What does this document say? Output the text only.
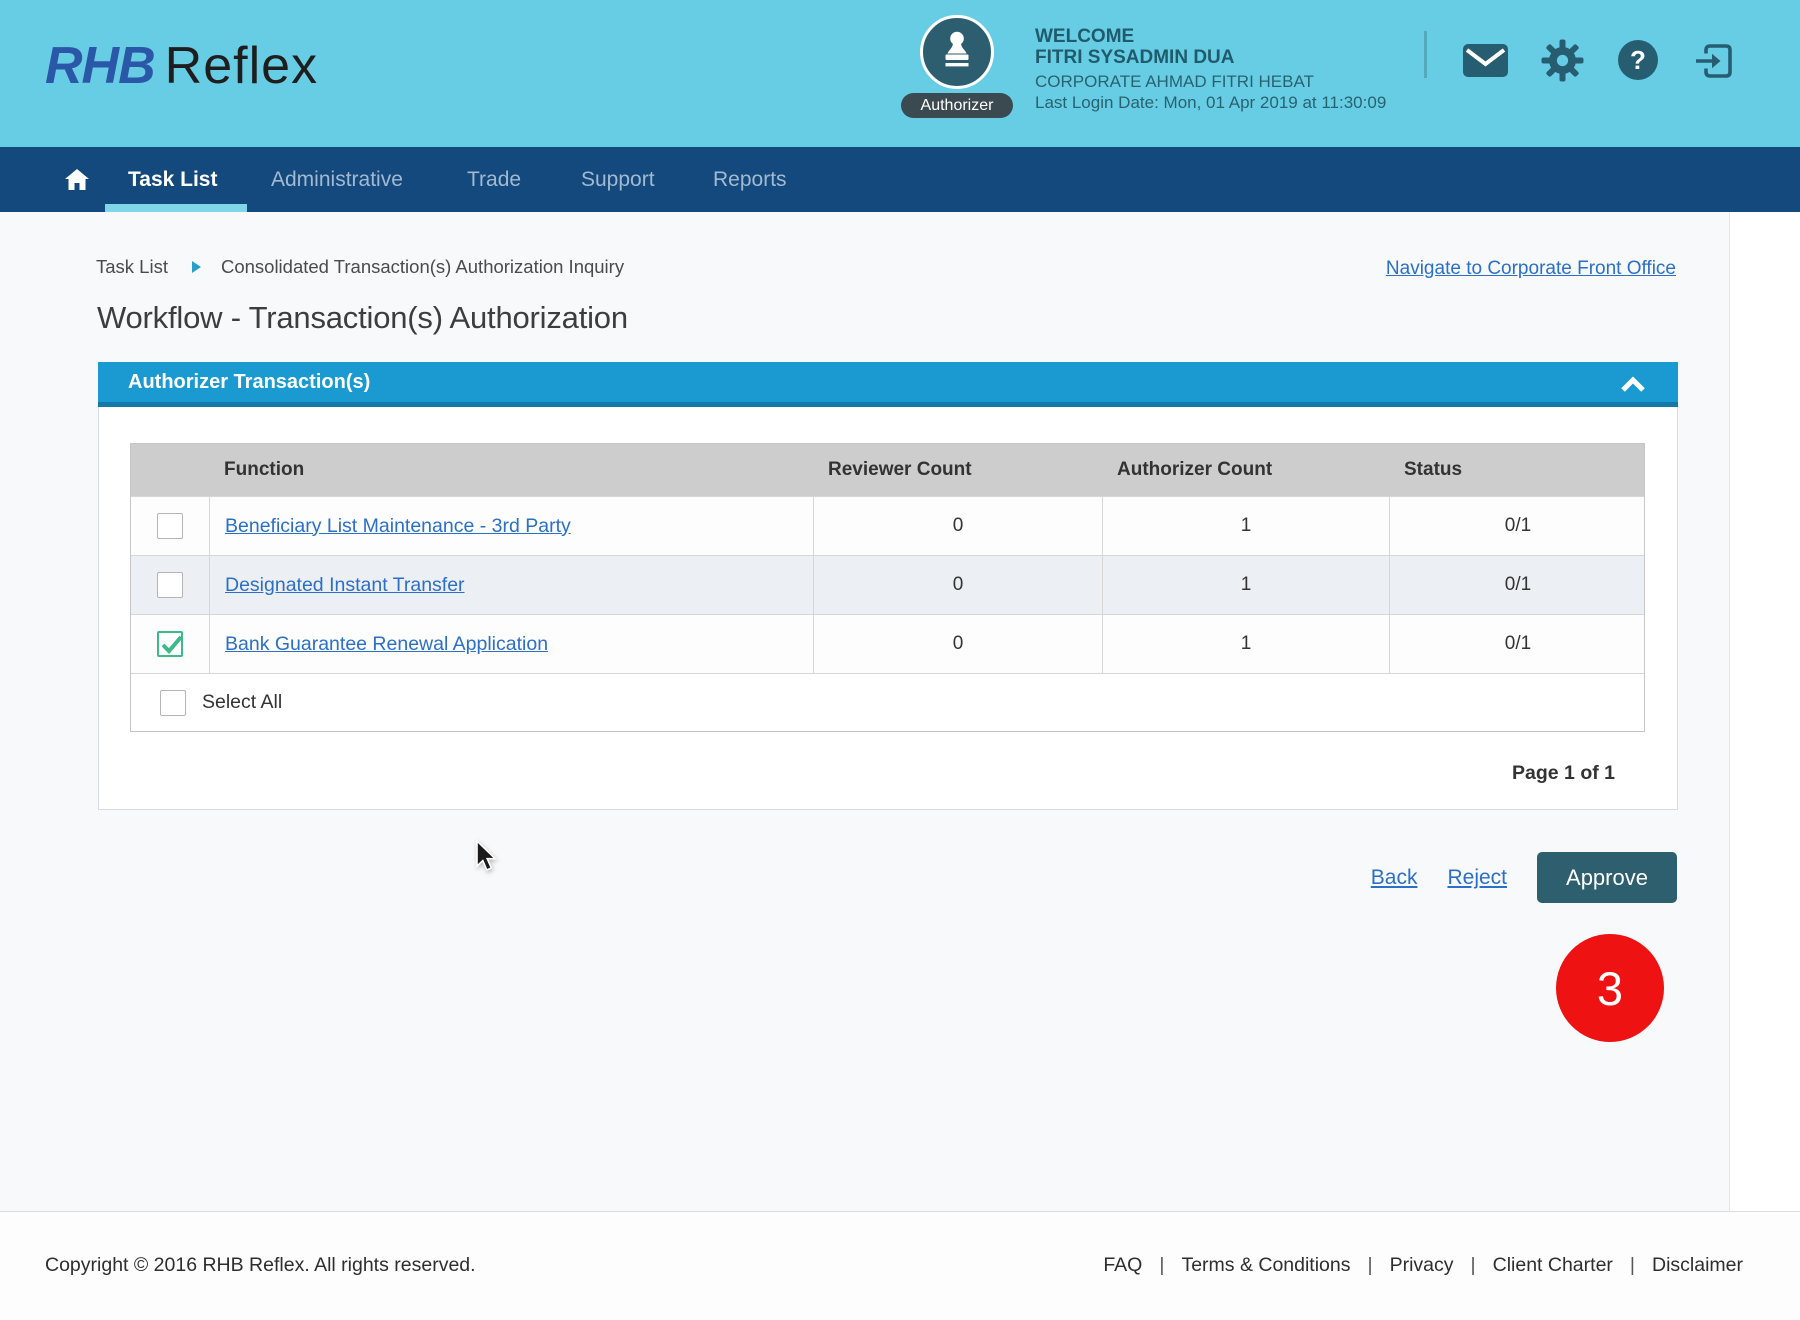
RHB Reflex
Authorizer
WELCOME
FITRI SYSADMIN DUA
CORPORATE AHMAD FITRI HEBAT
Last Login Date: Mon, 01 Apr 2019 at 11:30:09
?
Task List	Administrative	Trade	Support	Reports
Task List	Consolidated Transaction(s) Authorization Inquiry	Navigate to Corporate Front Office
Workflow - Transaction(s) Authorization
Authorizer Transaction(s)
Function	Reviewer Count	Authorizer Count	Status
Beneficiary List Maintenance - 3rd Party	0	1	0/1
Designated Instant Transfer	0	1	0/1
Bank Guarantee Renewal Application	0	1	0/1
Select All
Page 1 of 1
Back Reject	Approve
3
Copyright © 2016 RHB Reflex. All rights reserved.	FAQ | Terms & Conditions | Privacy | Client Charter | Disclaimer
